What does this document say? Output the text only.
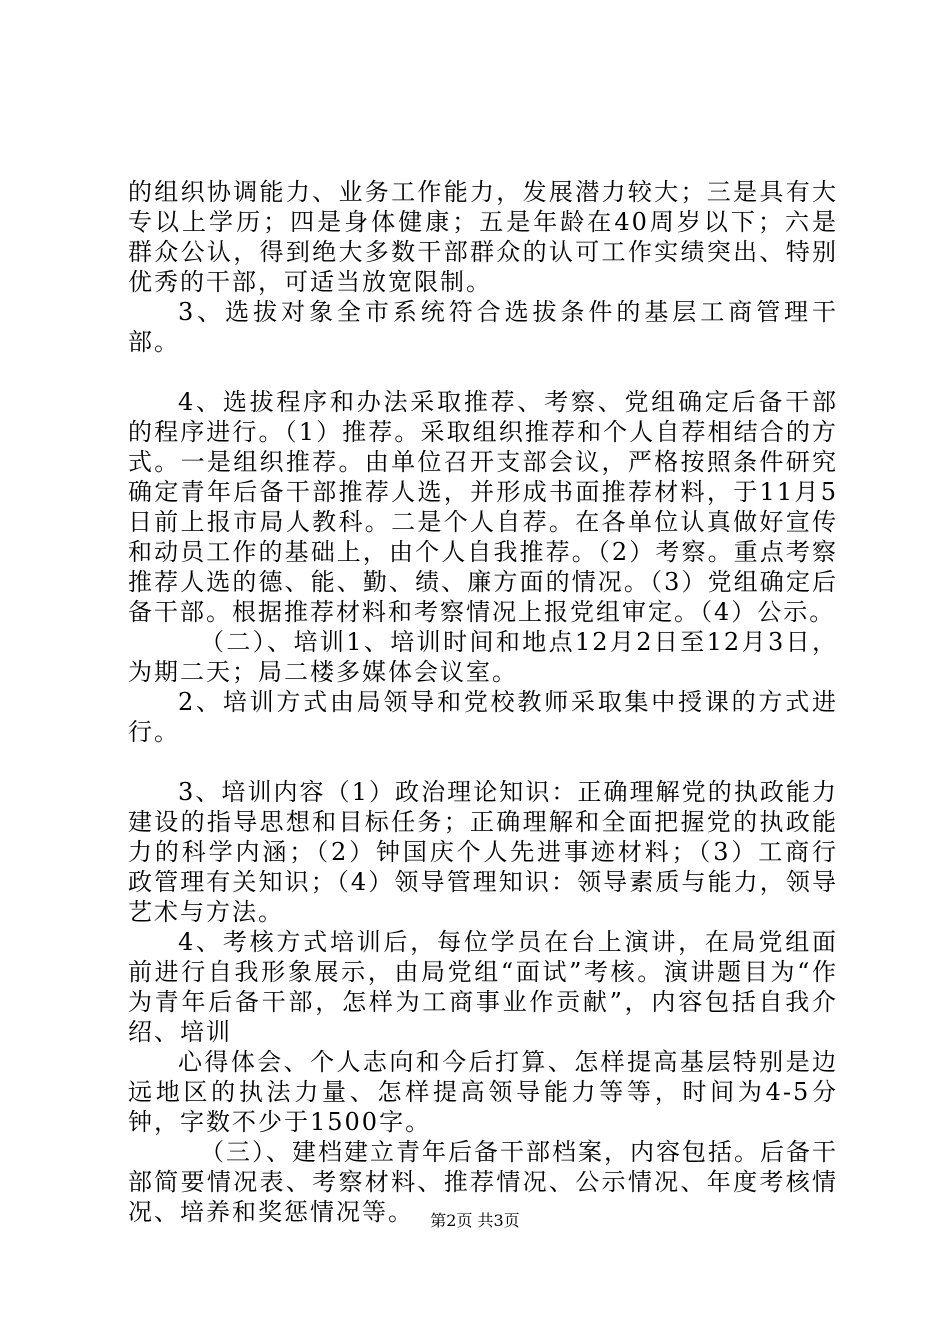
的组织协调能力、业务工作能力，发展潜力较大；三是具有大专以上学历；四是身体健康；五是年龄在40周岁以下；六是群众公认，得到绝大多数干部群众的认可工作实绩突出、特别优秀的干部，可适当放宽限制。

3、选拔对象全市系统符合选拔条件的基层工商管理干部。

4、选拔程序和办法采取推荐、考察、党组确定后备干部的程序进行。（1）推荐。采取组织推荐和个人自荐相结合的方式。一是组织推荐。由单位召开支部会议，严格按照条件研究确定青年后备干部推荐人选，并形成书面推荐材料，于11月5日前上报市局人教科。二是个人自荐。在各单位认真做好宣传和动员工作的基础上，由个人自我推荐。（2）考察。重点考察推荐人选的德、能、勤、绩、廉方面的情况。（3）党组确定后备干部。根据推荐材料和考察情况上报党组审定。（4）公示。

（二）、培训1、培训时间和地点12月2日至12月3日，为期二天；局二楼多媒体会议室。

2、培训方式由局领导和党校教师采取集中授课的方式进行。

3、培训内容（1）政治理论知识：正确理解党的执政能力建设的指导思想和目标任务；正确理解和全面把握党的执政能力的科学内涵；（2）钟国庆个人先进事迹材料；（3）工商行政管理有关知识；（4）领导管理知识：领导素质与能力，领导艺术与方法。

4、考核方式培训后，每位学员在台上演讲，在局党组面前进行自我形象展示，由局党组“面试”考核。演讲题目为“作为青年后备干部，怎样为工商事业作贡献”，内容包括自我介绍、培训

心得体会、个人志向和今后打算、怎样提高基层特别是边远地区的执法力量、怎样提高领导能力等等，时间为4-5分钟，字数不少于1500字。

（三）、建档建立青年后备干部档案，内容包括。后备干部简要情况表、考察材料、推荐情况、公示情况、年度考核情况、培养和奖惩情况等。	第2页 共3页
